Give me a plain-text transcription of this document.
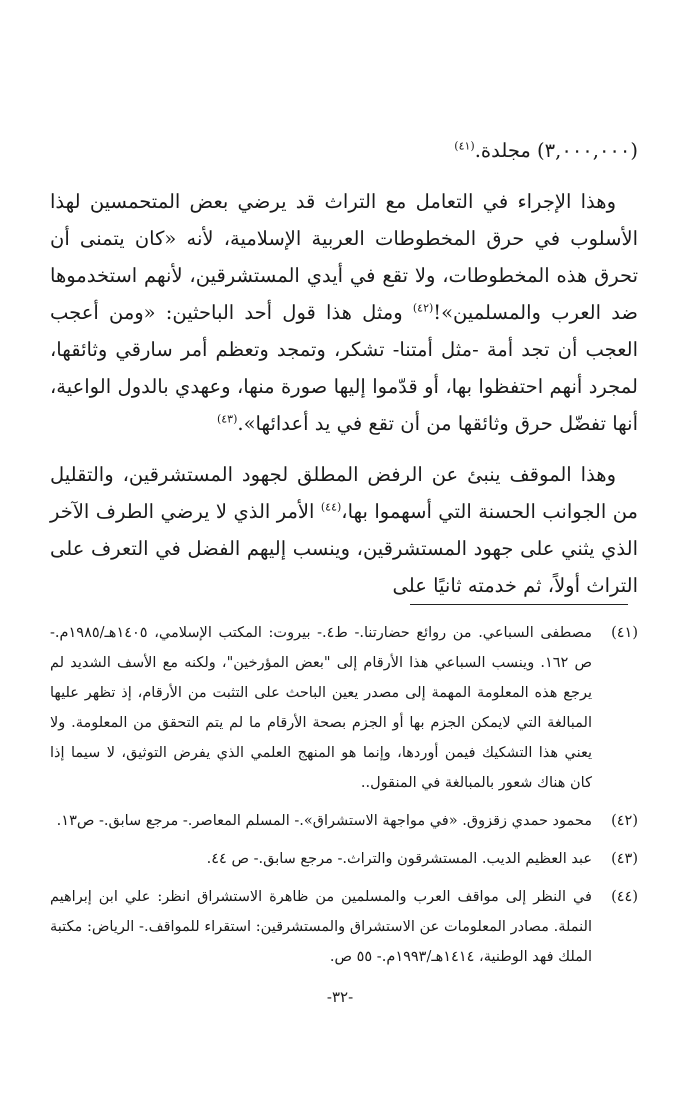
(٣,٠٠٠,٠٠٠) مجلدة.$^{(٤١)}$

وهذا الإجراء في التعامل مع التراث قد يرضي بعض المتحمسين لهذا الأسلوب في حرق المخطوطات العربية الإسلامية، لأنه «كان يتمنى أن تحرق هذه المخطوطات، ولا تقع في أيدي المستشرقين، لأنهم استخدموها ضد العرب والمسلمين»!$^{(٤٢)}$ ومثل هذا قول أحد الباحثين: «ومن أعجب العجب أن تجد أمة -مثل أمتنا- تشكر، وتمجد وتعظم أمر سارقي وثائقها، لمجرد أنهم احتفظوا بها، أو قدّموا إليها صورة منها، وعهدي بالدول الواعية، أنها تفضّل حرق وثائقها من أن تقع في يد أعدائها».$^{(٤٣)}$

وهذا الموقف ينبئ عن الرفض المطلق لجهود المستشرقين، والتقليل من الجوانب الحسنة التي أسهموا بها،$^{(٤٤)}$ الأمر الذي لا يرضي الطرف الآخر الذي يثني على جهود المستشرقين، وينسب إليهم الفضل في التعرف على التراث أولاً، ثم خدمته ثانيًا على

(٤١)
مصطفى السباعي. من روائع حضارتنا.- ط٤.- بيروت: المكتب الإسلامي، ١٤٠٥هـ/١٩٨٥م.- ص ١٦٢. وينسب السباعي هذا الأرقام إلى "بعض المؤرخين"، ولكنه مع الأسف الشديد لم يرجع هذه المعلومة المهمة إلى مصدر يعين الباحث على التثبت من الأرقام، إذ تظهر عليها المبالغة التي لايمكن الجزم بها أو الجزم بصحة الأرقام ما لم يتم التحقق من المعلومة. ولا يعني هذا التشكيك فيمن أوردها، وإنما هو المنهج العلمي الذي يفرض التوثيق، لا سيما إذا كان هناك شعور بالمبالغة في المنقول..
(٤٢)
محمود حمدي زقزوق. «في مواجهة الاستشراق».- المسلم المعاصر.- مرجع سابق.- ص١٣.
(٤٣)
عبد العظيم الديب. المستشرقون والتراث.- مرجع سابق.- ص ٤٤.
(٤٤)
في النظر إلى مواقف العرب والمسلمين من ظاهرة الاستشراق انظر: علي ابن إبراهيم النملة. مصادر المعلومات عن الاستشراق والمستشرقين: استقراء للمواقف.- الرياض: مكتبة الملك فهد الوطنية، ١٤١٤هـ/١٩٩٣م.- ٥٥ ص.
-٣٢-
